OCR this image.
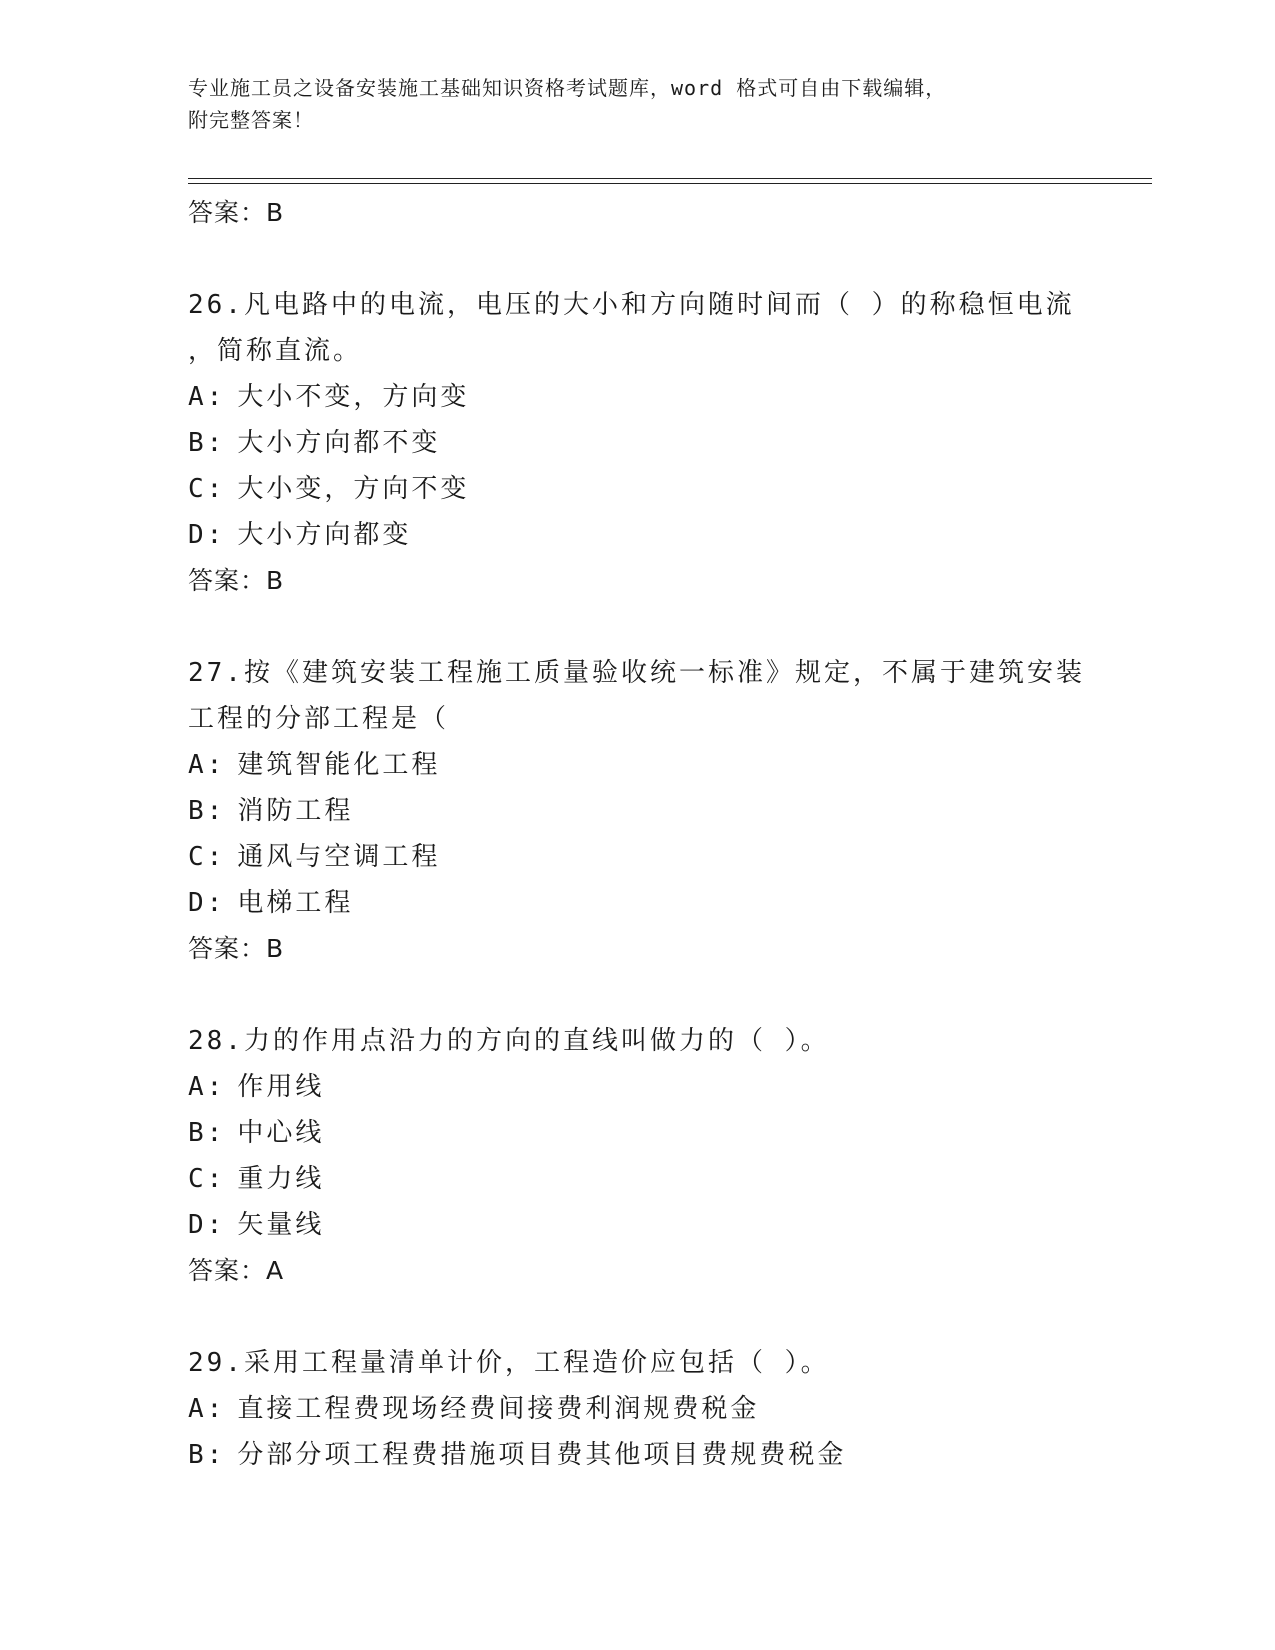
专业施工员之设备安装施工基础知识资格考试题库，word 格式可自由下载编辑，
附完整答案！
答案：B
26.凡电路中的电流，电压的大小和方向随时间而（ ）的称稳恒电流
，简称直流。
A: 大小不变，方向变
B: 大小方向都不变
C: 大小变，方向不变
D: 大小方向都变
答案：B
27.按《建筑安装工程施工质量验收统一标准》规定，不属于建筑安装
工程的分部工程是（
A: 建筑智能化工程
B: 消防工程
C: 通风与空调工程
D: 电梯工程
答案：B
28.力的作用点沿力的方向的直线叫做力的（ ）。
A: 作用线
B: 中心线
C: 重力线
D: 矢量线
答案：A
29.采用工程量清单计价，工程造价应包括（ ）。
A: 直接工程费现场经费间接费利润规费税金
B: 分部分项工程费措施项目费其他项目费规费税金
